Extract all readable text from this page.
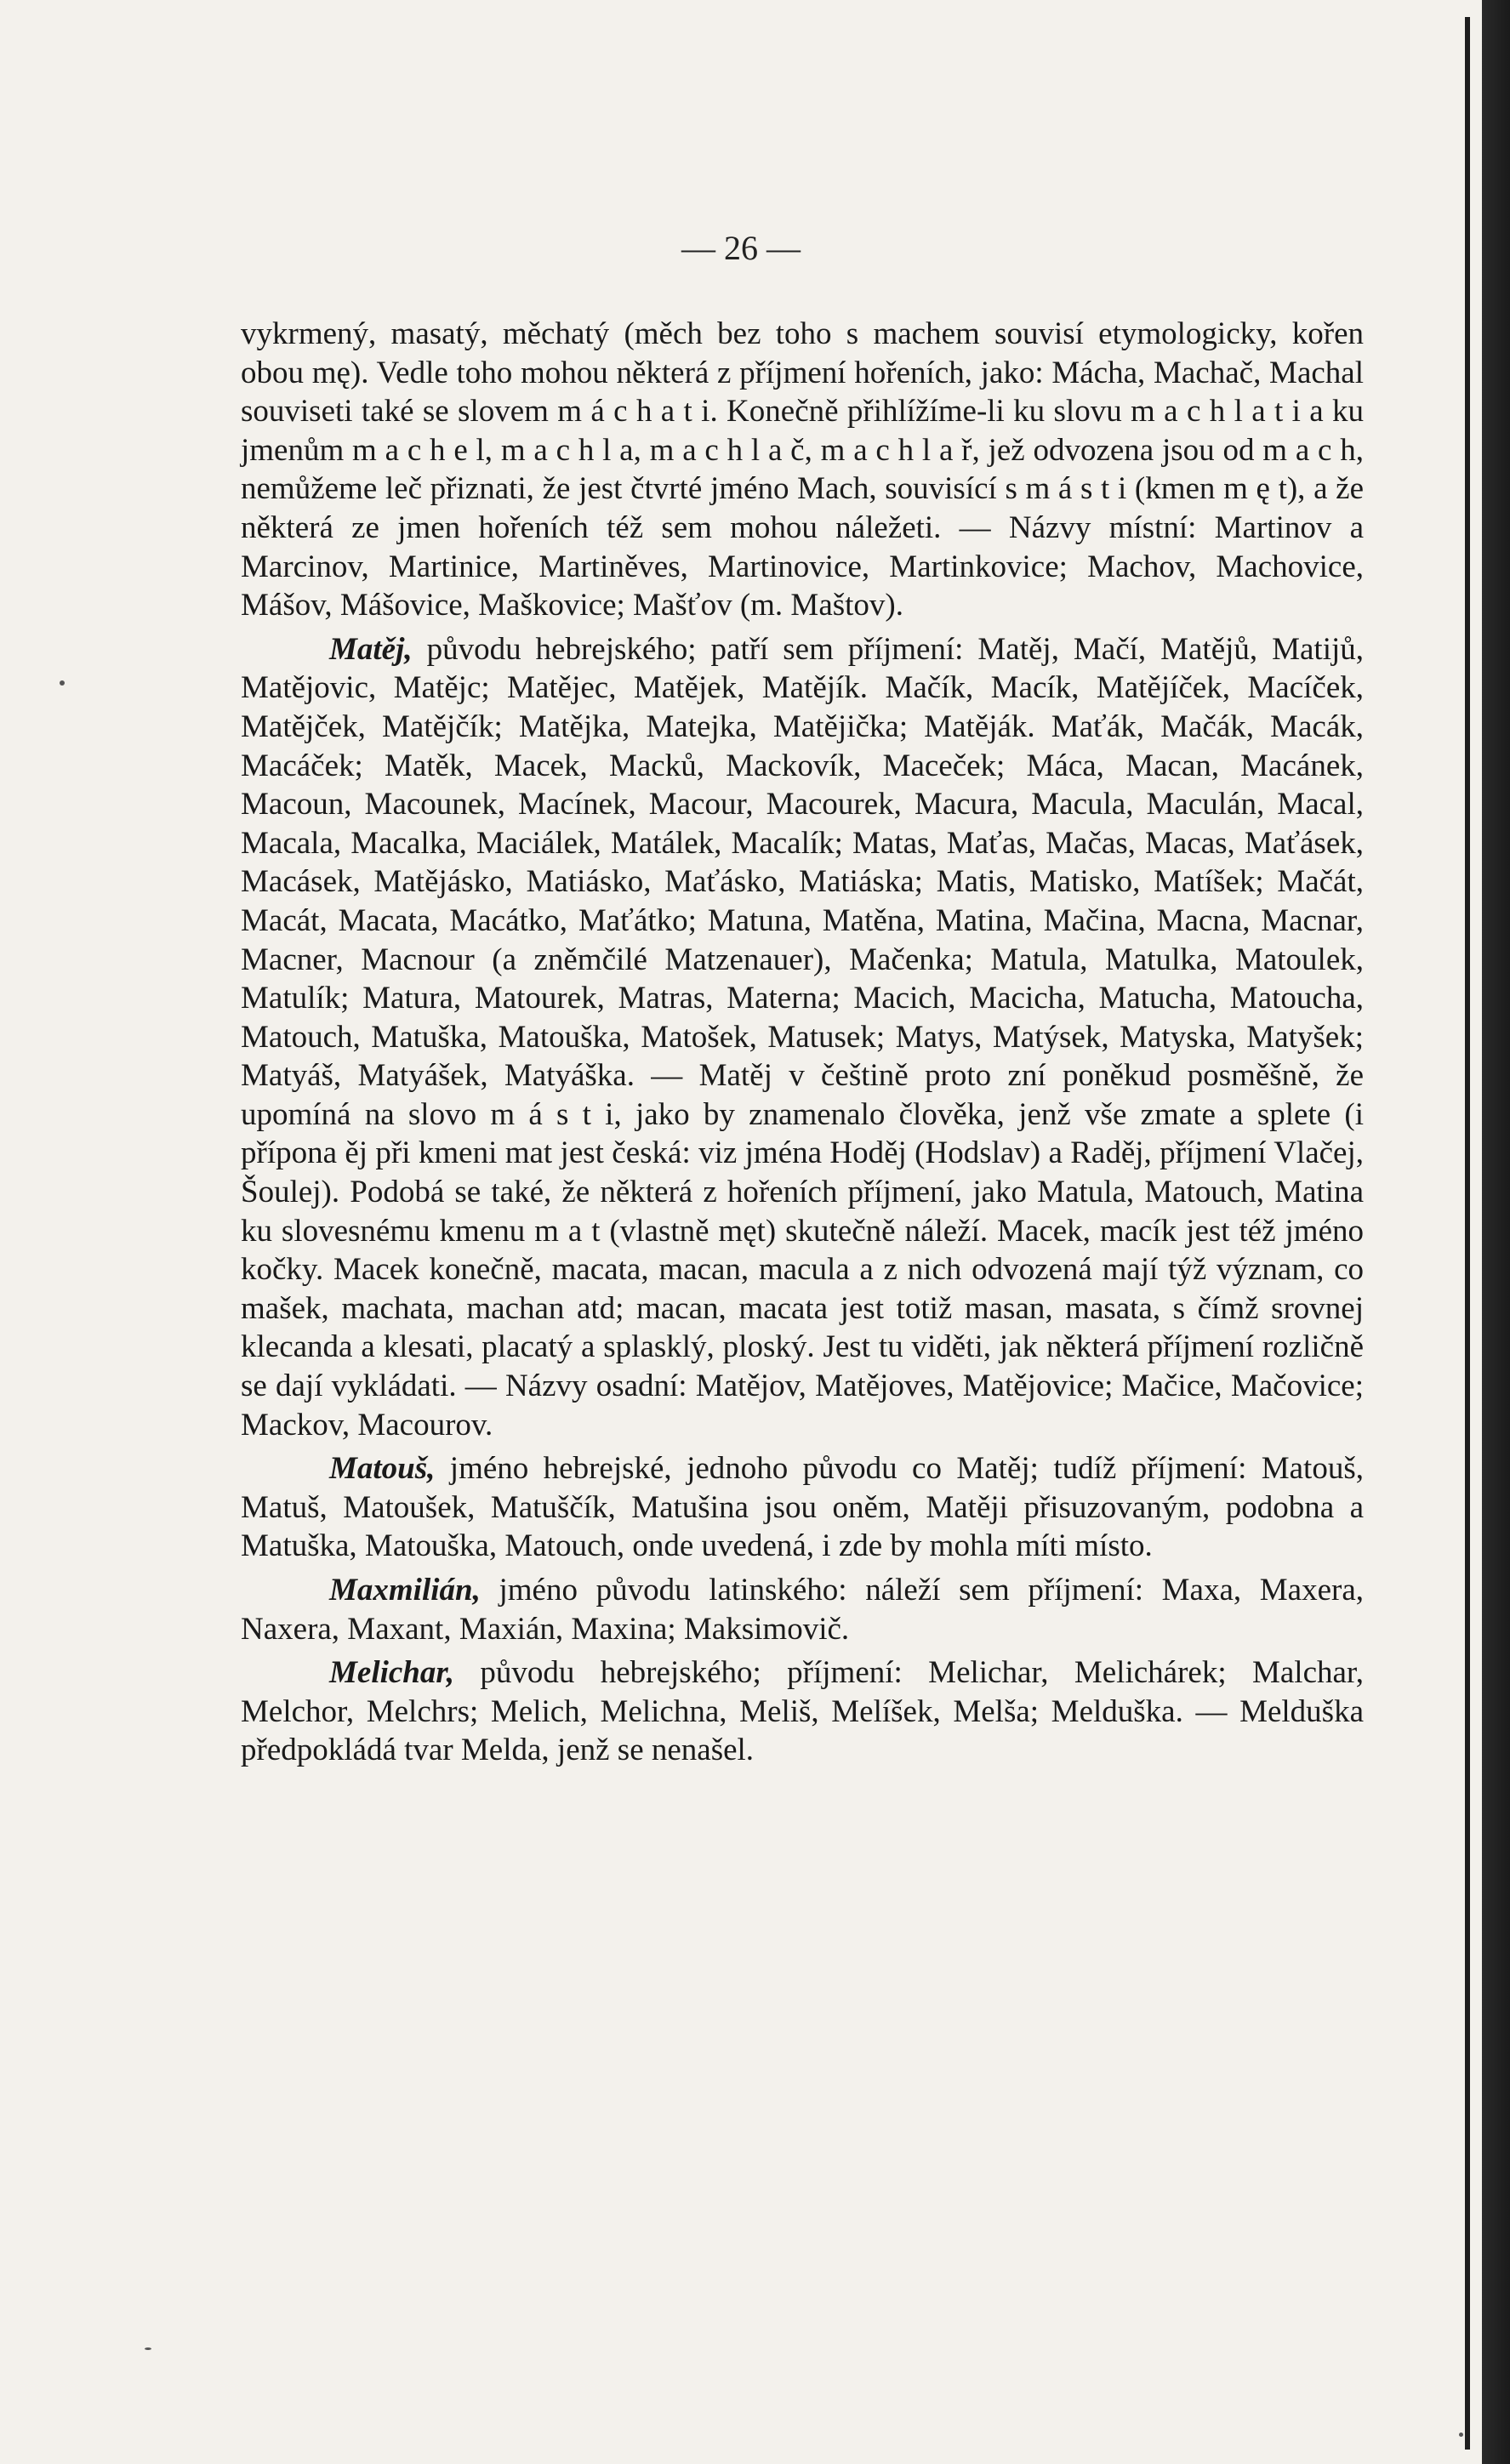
— 26 —

vykrmený, masatý, měchatý (měch bez toho s machem souvisí etymologicky, kořen obou mę). Vedle toho mohou některá z příjmení hořeních, jako: Mácha, Machač, Machal souviseti také se slovem m á c h a t i. Konečně přihlížíme-li ku slovu m a c h l a t i a ku jmenům m a c h e l, m a c h l a, m a c h l a č, m a c h l a ř, jež odvozena jsou od m a c h, nemůžeme leč přiznati, že jest čtvrté jméno Mach, souvisící s m á s t i (kmen m ę t), a že některá ze jmen hořeních též sem mohou náležeti. — Názvy místní: Martinov a Marcinov, Martinice, Martiněves, Martinovice, Martinkovice; Machov, Machovice, Mášov, Mášovice, Maškovice; Mašťov (m. Maštov).

Matěj, původu hebrejského; patří sem příjmení: Matěj, Mačí, Matějů, Matijů, Matějovic, Matějc; Matějec, Matějek, Matějík. Mačík, Macík, Matějíček, Macíček, Matějček, Matějčík; Matějka, Matejka, Matějička; Matěják. Maťák, Mačák, Macák, Macáček; Matěk, Macek, Macků, Mackovík, Maceček; Máca, Macan, Macánek, Macoun, Macounek, Macínek, Macour, Macourek, Macura, Macula, Maculán, Macal, Macala, Macalka, Maciálek, Matálek, Macalík; Matas, Maťas, Mačas, Macas, Maťásek, Macásek, Matějásko, Matiásko, Maťásko, Matiáska; Matis, Matisko, Matíšek; Mačát, Macát, Macata, Macátko, Maťátko; Matuna, Matěna, Matina, Mačina, Macna, Macnar, Macner, Macnour (a zněmčilé Matzenauer), Mačenka; Matula, Matulka, Matoulek, Matulík; Matura, Matourek, Matras, Materna; Macich, Macicha, Matucha, Matoucha, Matouch, Matuška, Matouška, Matošek, Matusek; Matys, Matýsek, Matyska, Matyšek; Matyáš, Matyášek, Matyáška. — Matěj v češtině proto zní poněkud posměšně, že upomíná na slovo m á s t i, jako by znamenalo člověka, jenž vše zmate a splete (i přípona ěj při kmeni mat jest česká: viz jména Hoděj (Hodslav) a Raděj, příjmení Vlačej, Šoulej). Podobá se také, že některá z hořeních příjmení, jako Matula, Matouch, Matina ku slovesnému kmenu m a t (vlastně męt) skutečně náleží. Macek, macík jest též jméno kočky. Macek konečně, macata, macan, macula a z nich odvozená mají týž význam, co mašek, machata, machan atd; macan, macata jest totiž masan, masata, s čímž srovnej klecanda a klesati, placatý a splasklý, ploský. Jest tu viděti, jak některá příjmení rozličně se dají vykládati. — Názvy osadní: Matějov, Matějoves, Matějovice; Mačice, Mačovice; Mackov, Macourov.

Matouš, jméno hebrejské, jednoho původu co Matěj; tudíž příjmení: Matouš, Matuš, Matoušek, Matuščík, Matušina jsou oněm, Matěji přisuzovaným, podobna a Matuška, Matouška, Matouch, onde uvedená, i zde by mohla míti místo.

Maxmilián, jméno původu latinského: náleží sem příjmení: Maxa, Maxera, Naxera, Maxant, Maxián, Maxina; Maksimovič.

Melichar, původu hebrejského; příjmení: Melichar, Melichárek; Malchar, Melchor, Melchrs; Melich, Melichna, Meliš, Melíšek, Melša; Melduška. — Melduška předpokládá tvar Melda, jenž se nenašel.
